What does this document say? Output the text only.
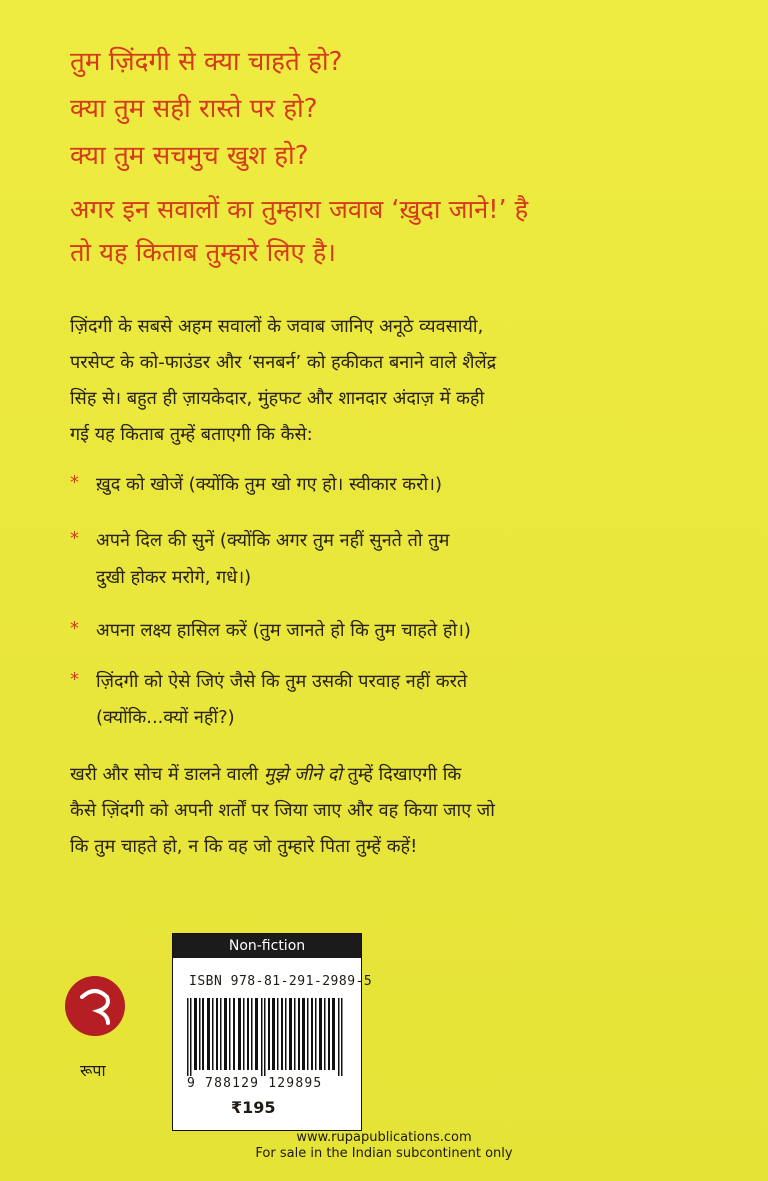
तुम ज़िंदगी से क्या चाहते हो?
क्या तुम सही रास्ते पर हो?
क्या तुम सचमुच खुश हो?
अगर इन सवालों का तुम्हारा जवाब ‘ख़ुदा जाने!’ है
तो यह किताब तुम्हारे लिए है।
ज़िंदगी के सबसे अहम सवालों के जवाब जानिए अनूठे व्यवसायी,
परसेप्ट के को-फाउंडर और ‘सनबर्न’ को हकीकत बनाने वाले शैलेंद्र
सिंह से। बहुत ही ज़ायकेदार, मुंहफट और शानदार अंदाज़ में कही
गई यह किताब तुम्हें बताएगी कि कैसे:
* ख़ुद को खोजें (क्योंकि तुम खो गए हो। स्वीकार करो।)
* अपने दिल की सुनें (क्योंकि अगर तुम नहीं सुनते तो तुम
दुखी होकर मरोगे, गधे।)
* अपना लक्ष्य हासिल करें (तुम जानते हो कि तुम चाहते हो।)
* ज़िंदगी को ऐसे जिएं जैसे कि तुम उसकी परवाह नहीं करते
(क्योंकि...क्यों नहीं?)
खरी और सोच में डालने वाली मुझे जीने दो तुम्हें दिखाएगी कि
कैसे ज़िंदगी को अपनी शर्तों पर जिया जाए और वह किया जाए जो
कि तुम चाहते हो, न कि वह जो तुम्हारे पिता तुम्हें कहें!
रूपा
Non-fiction
ISBN 978-81-291-2989-5
9 788129 129895
₹195
www.rupapublications.com
For sale in the Indian subcontinent only
